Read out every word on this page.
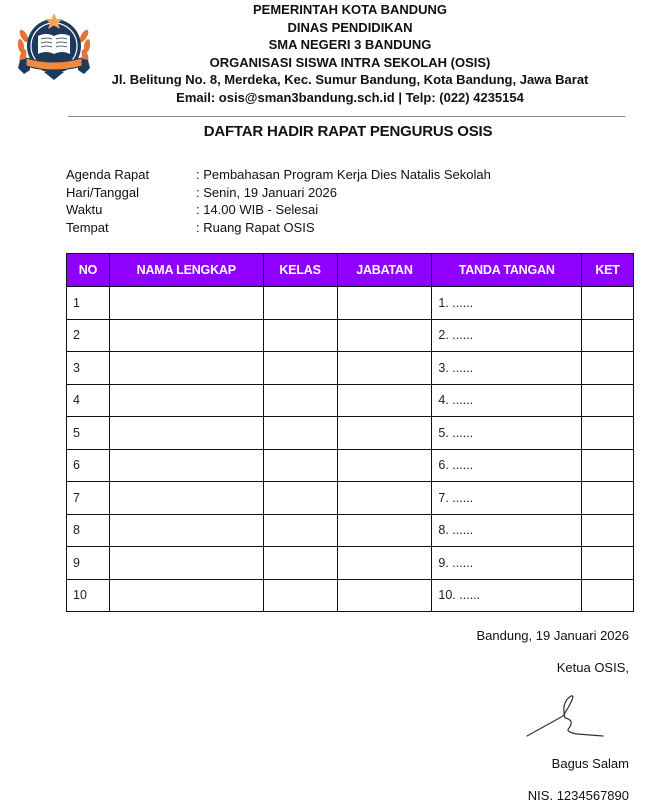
PEMERINTAH KOTA BANDUNG
DINAS PENDIDIKAN
SMA NEGERI 3 BANDUNG
ORGANISASI SISWA INTRA SEKOLAH (OSIS)
Jl. Belitung No. 8, Merdeka, Kec. Sumur Bandung, Kota Bandung, Jawa Barat
Email: osis@sman3bandung.sch.id | Telp: (022) 4235154
DAFTAR HADIR RAPAT PENGURUS OSIS
Agenda Rapat	: Pembahasan Program Kerja Dies Natalis Sekolah
Hari/Tanggal	: Senin, 19 Januari 2026
Waktu	: 14.00 WIB - Selesai
Tempat	: Ruang Rapat OSIS
NO	NAMA LENGKAP	KELAS	JABATAN	TANDA TANGAN	KET
1				1. ......	
2				2. ......	
3				3. ......	
4				4. ......	
5				5. ......	
6				6. ......	
7				7. ......	
8				8. ......	
9				9. ......	
10				10. ......	
Bandung, 19 Januari 2026
Ketua OSIS,
Bagus Salam
NIS. 1234567890
